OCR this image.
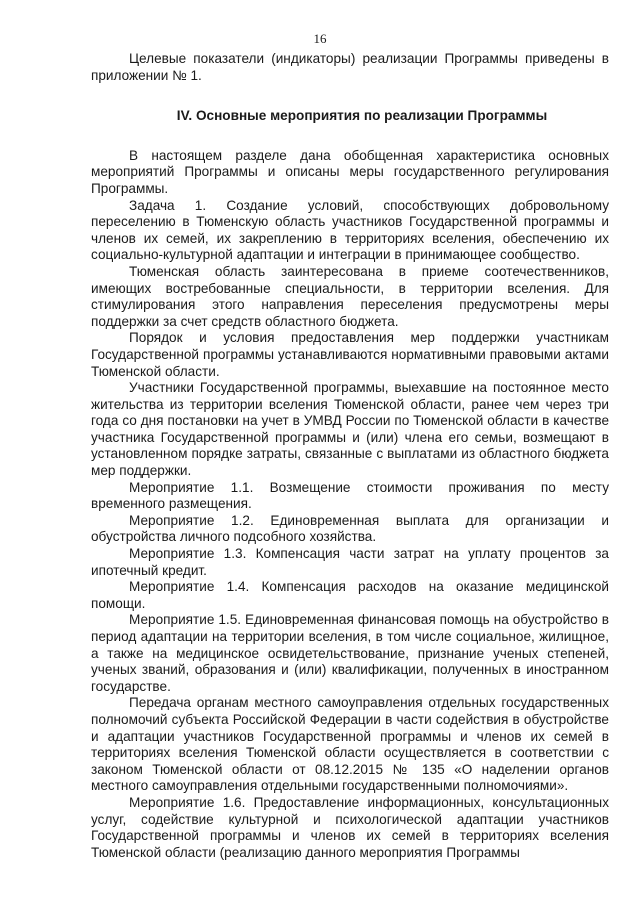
16

Целевые показатели (индикаторы) реализации Программы приведены в приложении № 1.

IV. Основные мероприятия по реализации Программы

В настоящем разделе дана обобщенная характеристика основных мероприятий Программы и описаны меры государственного регулирования Программы.

Задача 1. Создание условий, способствующих добровольному переселению в Тюменскую область участников Государственной программы и членов их семей, их закреплению в территориях вселения, обеспечению их социально-культурной адаптации и интеграции в принимающее сообщество.

Тюменская область заинтересована в приеме соотечественников, имеющих востребованные специальности, в территории вселения. Для стимулирования этого направления переселения предусмотрены меры поддержки за счет средств областного бюджета.

Порядок и условия предоставления мер поддержки участникам Государственной программы устанавливаются нормативными правовыми актами Тюменской области.

Участники Государственной программы, выехавшие на постоянное место жительства из территории вселения Тюменской области, ранее чем через три года со дня постановки на учет в УМВД России по Тюменской области в качестве участника Государственной программы и (или) члена его семьи, возмещают в установленном порядке затраты, связанные с выплатами из областного бюджета мер поддержки.

Мероприятие 1.1. Возмещение стоимости проживания по месту временного размещения.

Мероприятие 1.2. Единовременная выплата для организации и обустройства личного подсобного хозяйства.

Мероприятие 1.3. Компенсация части затрат на уплату процентов за ипотечный кредит.

Мероприятие 1.4. Компенсация расходов на оказание медицинской помощи.

Мероприятие 1.5. Единовременная финансовая помощь на обустройство в период адаптации на территории вселения, в том числе социальное, жилищное, а также на медицинское освидетельствование, признание ученых степеней, ученых званий, образования и (или) квалификации, полученных в иностранном государстве.

Передача органам местного самоуправления отдельных государственных полномочий субъекта Российской Федерации в части содействия в обустройстве и адаптации участников Государственной программы и членов их семей в территориях вселения Тюменской области осуществляется в соответствии с законом Тюменской области от 08.12.2015 № 135 «О наделении органов местного самоуправления отдельными государственными полномочиями».

Мероприятие 1.6. Предоставление информационных, консультационных услуг, содействие культурной и психологической адаптации участников Государственной программы и членов их семей в территориях вселения Тюменской области (реализацию данного мероприятия Программы
